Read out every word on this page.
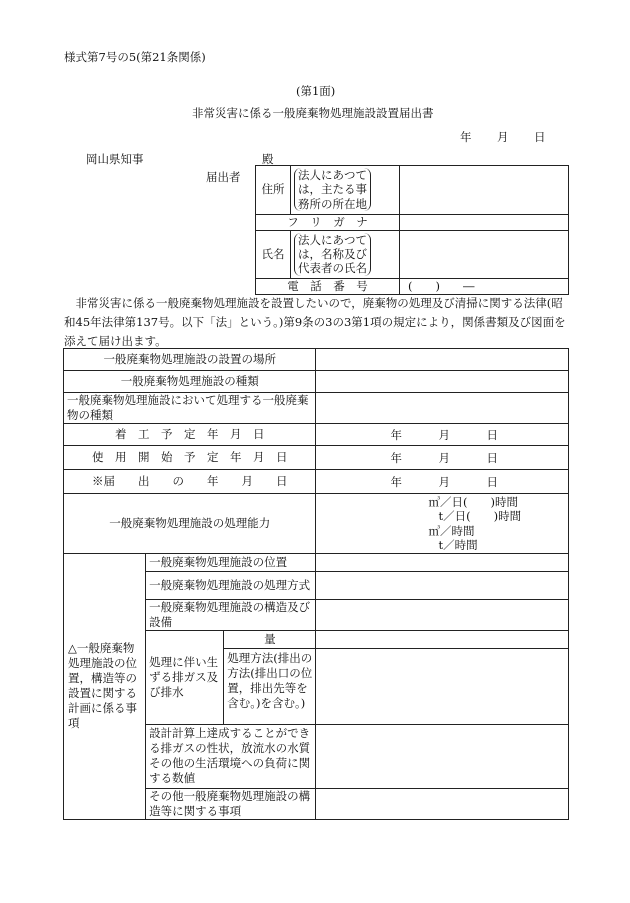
様式第7号の5(第21条関係)
(第1面)
非常災害に係る一般廃棄物処理施設設置届出書
年 月 日
岡山県知事	殿
届出者
住所	法人にあつて
は，主たる事
務所の所在地	
フ　リ　ガ　ナ		
氏名	法人にあつて
は，名称及び
代表者の氏名	
電　話　番　号		(　　)　　―
　非常災害に係る一般廃棄物処理施設を設置したいので，廃棄物の処理及び清掃に関する法律(昭
和45年法律第137号。以下「法」という。)第9条の3の3第1項の規定により，関係書類及び図面を
添えて届け出ます。
一般廃棄物処理施設の設置の場所			
一般廃棄物処理施設の種類			
一般廃棄物処理施設において処理する一般廃棄物の種類			
着　工　予　定　年　月　日			年 月 日

使　用　開　始　予　定　年　月　日			年 月 日

※届　　出　　の　　年　　月　　日			年 月 日

一般廃棄物処理施設の処理能力			㎥／日(　　)時間
t／日(　　)時間
㎥／時間
t／時間

△一般廃棄物処理施設の位置，構造等の設置に関する計画に係る事項	一般廃棄物処理施設の位置		
	一般廃棄物処理施設の処理方式		
	一般廃棄物処理施設の構造及び設備		
	処理に伴い生ずる排ガス及び排水	量	
		処理方法(排出の方法(排出口の位置，排出先等を含む。)を含む。)	
	設計計算上達成することができる排ガスの性状，放流水の水質その他の生活環境への負荷に関する数値		
	その他一般廃棄物処理施設の構造等に関する事項		
